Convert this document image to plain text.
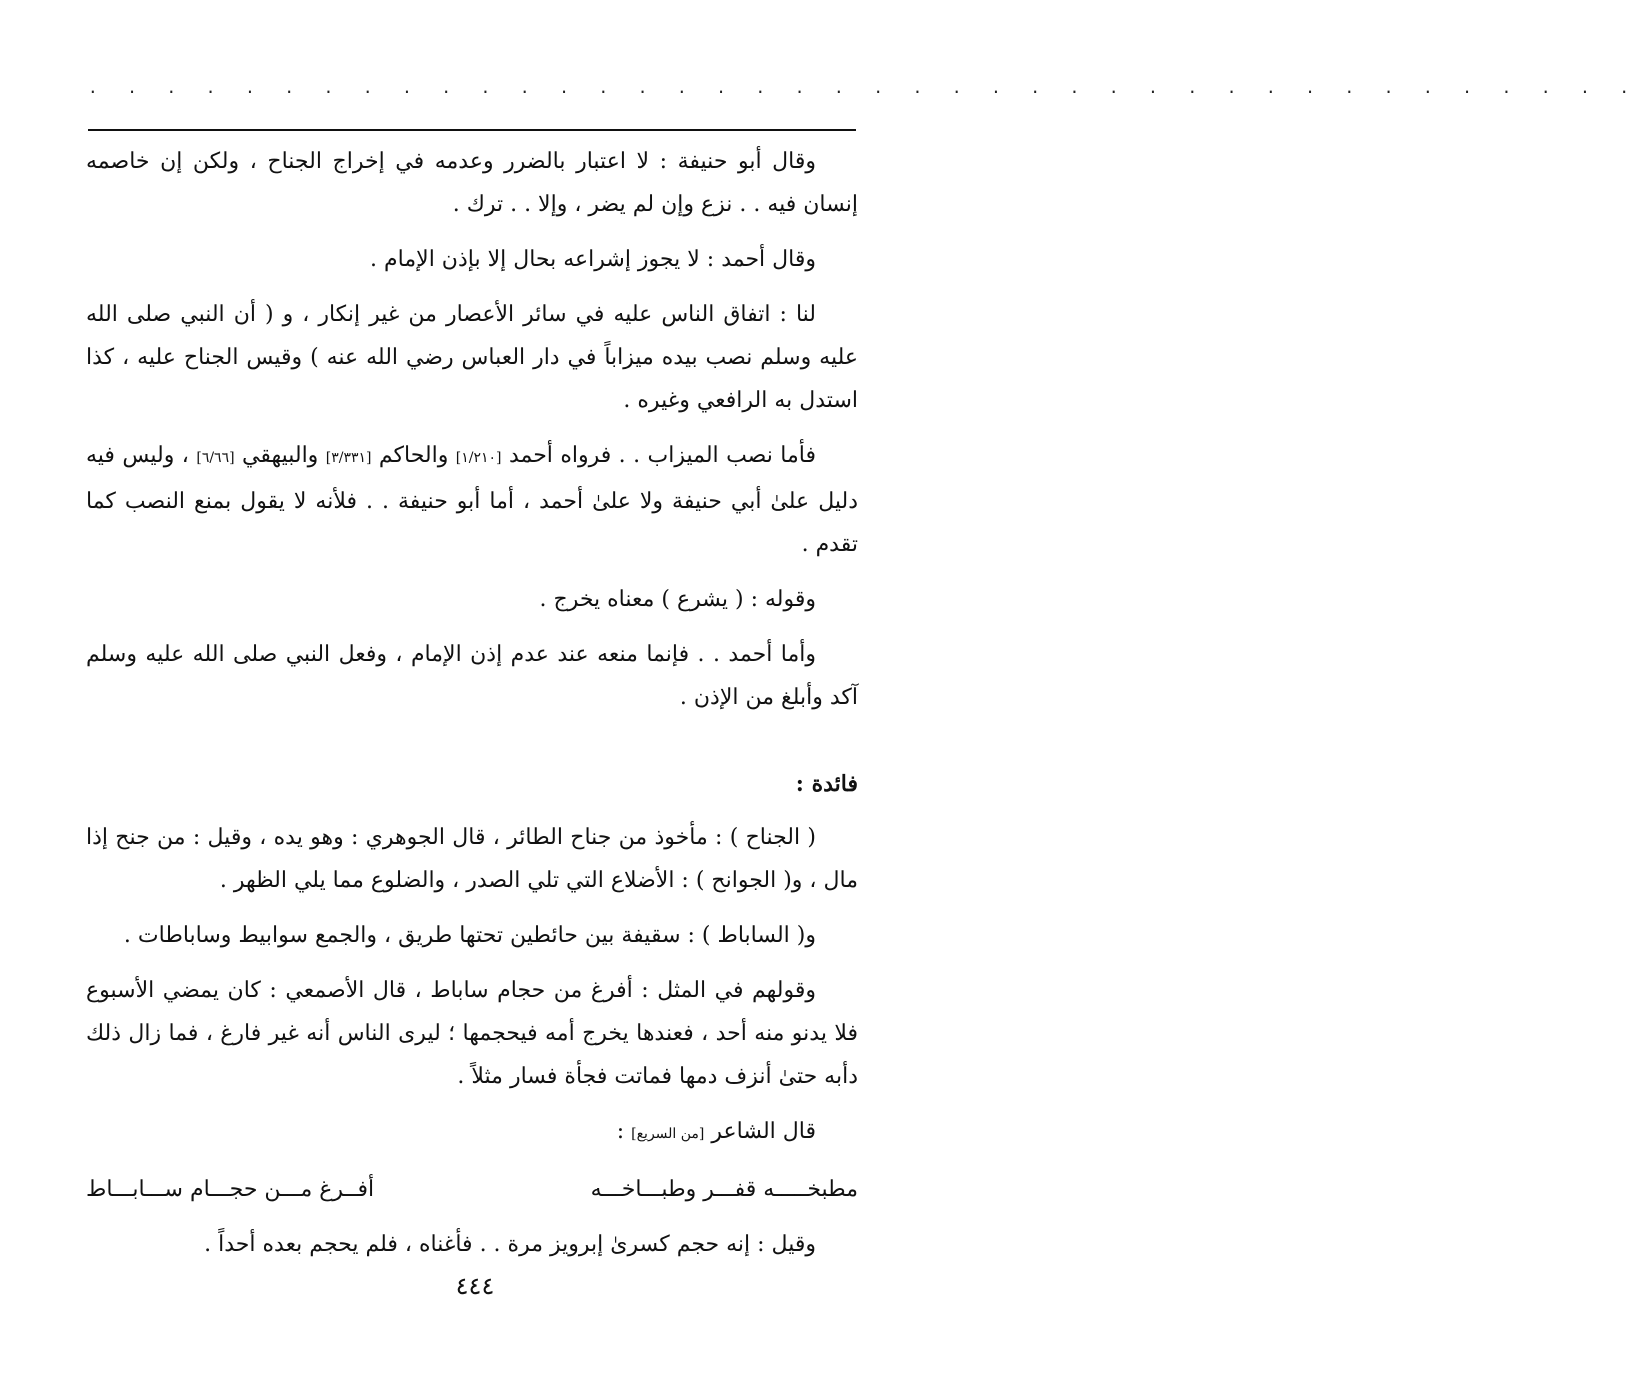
. . . . . . . . . . . . . . . . . . . . . . . . . . . . . . . . . . . . . . . .

وقال أبو حنيفة : لا اعتبار بالضرر وعدمه في إخراج الجناح ، ولكن إن خاصمه إنسان فيه . . نزع وإن لم يضر ، وإلا . . ترك .

وقال أحمد : لا يجوز إشراعه بحال إلا بإذن الإمام .

لنا : اتفاق الناس عليه في سائر الأعصار من غير إنكار ، و ( أن النبي صلى الله عليه وسلم نصب بيده ميزاباً في دار العباس رضي الله عنه ) وقيس الجناح عليه ، كذا استدل به الرافعي وغيره .

فأما نصب الميزاب . . فرواه أحمد [١/٢١٠] والحاكم [٣/٣٣١] والبيهقي [٦/٦٦] ، وليس فيه دليل علىٰ أبي حنيفة ولا علىٰ أحمد ، أما أبو حنيفة . . فلأنه لا يقول بمنع النصب كما تقدم .

وقوله : ( يشرع ) معناه يخرج .

وأما أحمد . . فإنما منعه عند عدم إذن الإمام ، وفعل النبي صلى الله عليه وسلم آكد وأبلغ من الإذن .

فائدة :

( الجناح ) : مأخوذ من جناح الطائر ، قال الجوهري : وهو يده ، وقيل : من جنح إذا مال ، و( الجوانح ) : الأضلاع التي تلي الصدر ، والضلوع مما يلي الظهر .

و( الساباط ) : سقيفة بين حائطين تحتها طريق ، والجمع سوابيط وساباطات .

وقولهم في المثل : أفرغ من حجام ساباط ، قال الأصمعي : كان يمضي الأسبوع فلا يدنو منه أحد ، فعندها يخرج أمه فيحجمها ؛ ليرى الناس أنه غير فارغ ، فما زال ذلك دأبه حتىٰ أنزف دمها فماتت فجأة فسار مثلاً .

قال الشاعر [من السريع] :

مطبخـــــه قفـــر وطبـــاخـــه
أفــرغ مـــن حجـــام ســـابـــاط

وقيل : إنه حجم كسرىٰ إبرويز مرة . . فأغناه ، فلم يحجم بعده أحداً .

٤٤٤
